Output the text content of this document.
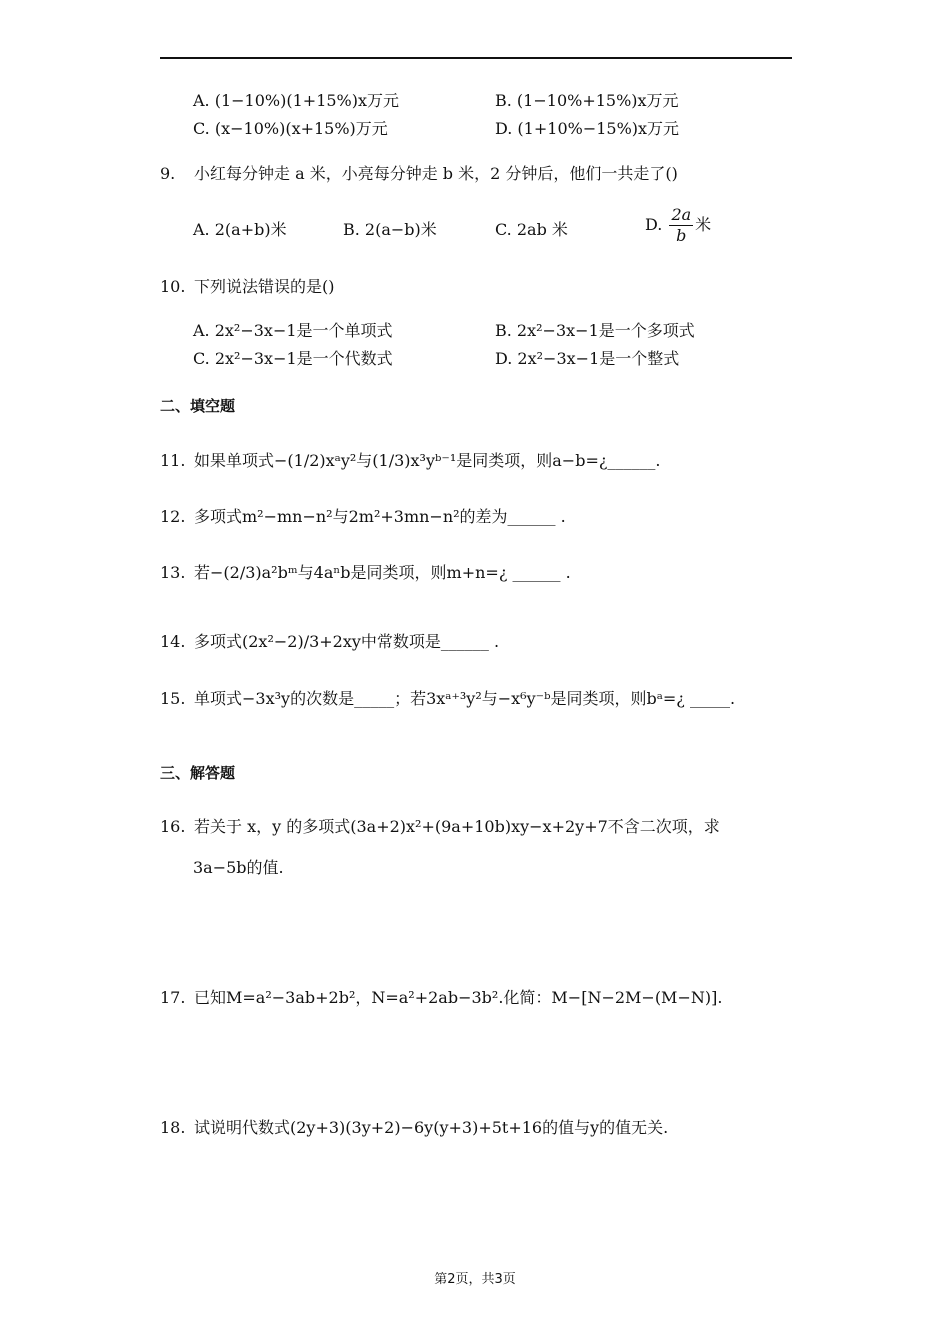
A. (1−10%)(1+15%)x万元	B. (1−10%+15%)x万元
C. (x−10%)(x+15%)万元	D. (1+10%−15%)x万元
9. 小红每分钟走 a 米，小亮每分钟走 b 米，2 分钟后，他们一共走了()
A. 2(a+b)米	B. 2(a−b)米	C. 2ab 米	D. $\frac{2a}{b}$ 米
10. 下列说法错误的是()
A. 2x²−3x−1是一个单项式	B. 2x²−3x−1是一个多项式
C. 2x²−3x−1是一个代数式	D. 2x²−3x−1是一个整式
二、填空题
11. 如果单项式−(1/2)xᵃy²与(1/3)x³yᵇ⁻¹是同类项，则a−b=¿______.
12. 多项式m²−mn−n²与2m²+3mn−n²的差为______ .
13. 若−(2/3)a²bᵐ与4aⁿb是同类项，则m+n=¿ ______ .
14. 多项式(2x²−2)/3+2xy中常数项是______ .
15. 单项式−3x³y的次数是_____；若3xᵃ⁺³y²与−x⁶y⁻ᵇ是同类项，则bᵃ=¿ _____.
三、解答题
16. 若关于 x，y 的多项式(3a+2)x²+(9a+10b)xy−x+2y+7不含二次项，求
3a−5b的值.
17. 已知M=a²−3ab+2b²，N=a²+2ab−3b².化简：M−[N−2M−(M−N)].
18. 试说明代数式(2y+3)(3y+2)−6y(y+3)+5t+16的值与y的值无关.
第2页，共3页
